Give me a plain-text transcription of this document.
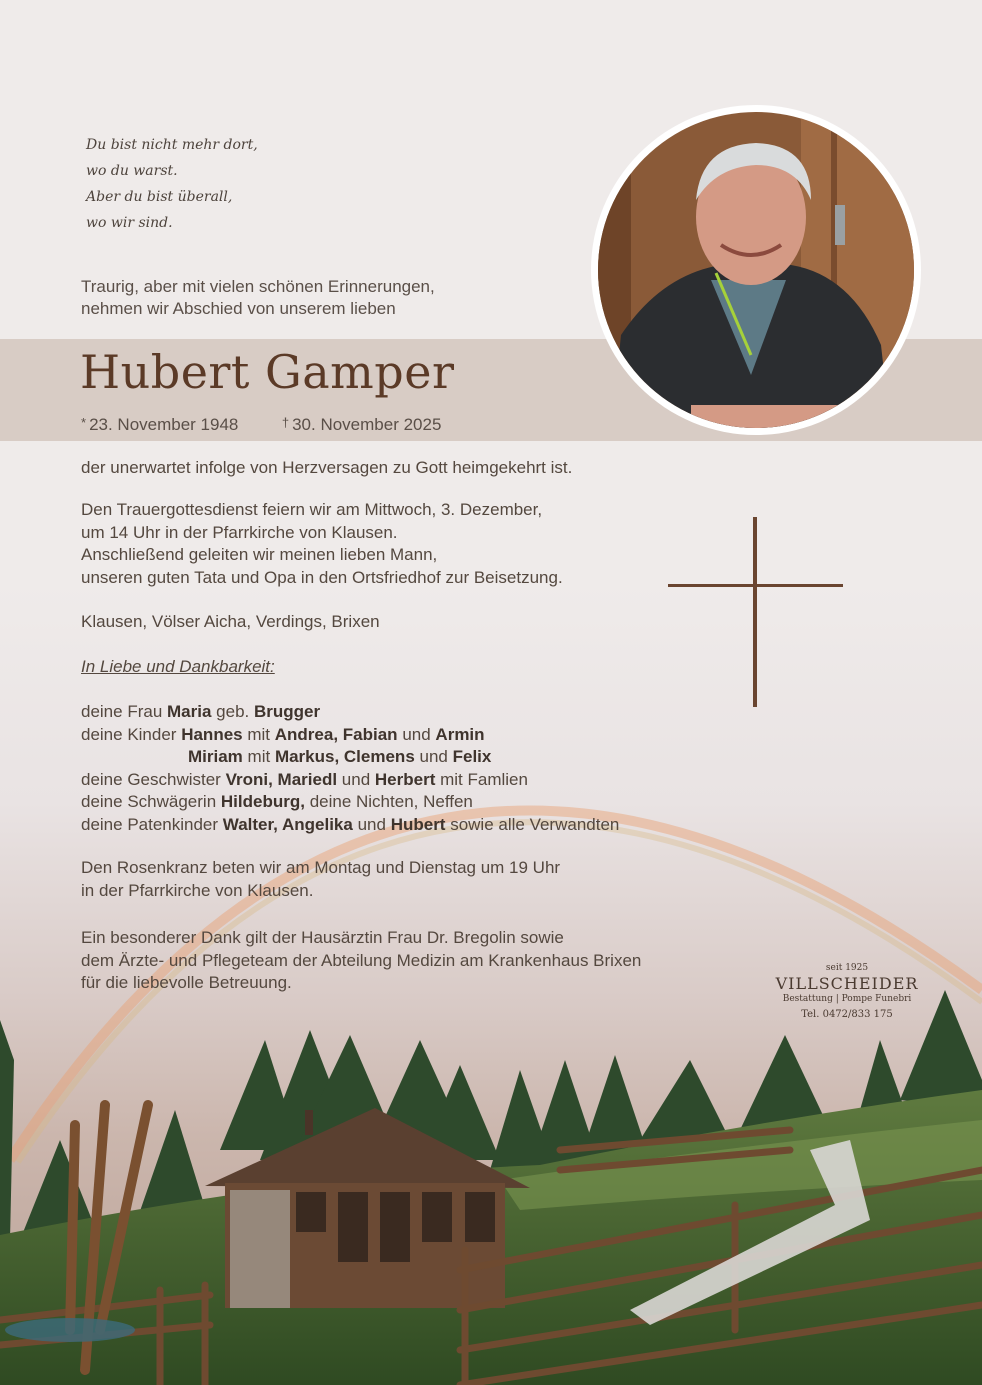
Du bist nicht mehr dort,
wo du warst.
Aber du bist überall,
wo wir sind.
Traurig, aber mit vielen schönen Erinnerungen,
nehmen wir Abschied von unserem lieben
Hubert Gamper
* 23. November 1948	† 30. November 2025
der unerwartet infolge von Herzversagen zu Gott heimgekehrt ist.
Den Trauergottesdienst feiern wir am Mittwoch, 3. Dezember,
um 14 Uhr in der Pfarrkirche von Klausen.
Anschließend geleiten wir meinen lieben Mann,
unseren guten Tata und Opa in den Ortsfriedhof zur Beisetzung.
Klausen, Völser Aicha, Verdings, Brixen
In Liebe und Dankbarkeit:
deine Frau Maria geb. Brugger
deine Kinder Hannes mit Andrea, Fabian und Armin
Miriam mit Markus, Clemens und Felix
deine Geschwister Vroni, Mariedl und Herbert mit Famlien
deine Schwägerin Hildeburg, deine Nichten, Neffen
deine Patenkinder Walter, Angelika und Hubert sowie alle Verwandten
Den Rosenkranz beten wir am Montag und Dienstag um 19 Uhr
in der Pfarrkirche von Klausen.
Ein besonderer Dank gilt der Hausärztin Frau Dr. Bregolin sowie
dem Ärzte- und Pflegeteam der Abteilung Medizin am Krankenhaus Brixen
für die liebevolle Betreuung.
seit 1925
VILLSCHEIDER
Bestattung | Pompe Funebri
Tel. 0472/833 175
